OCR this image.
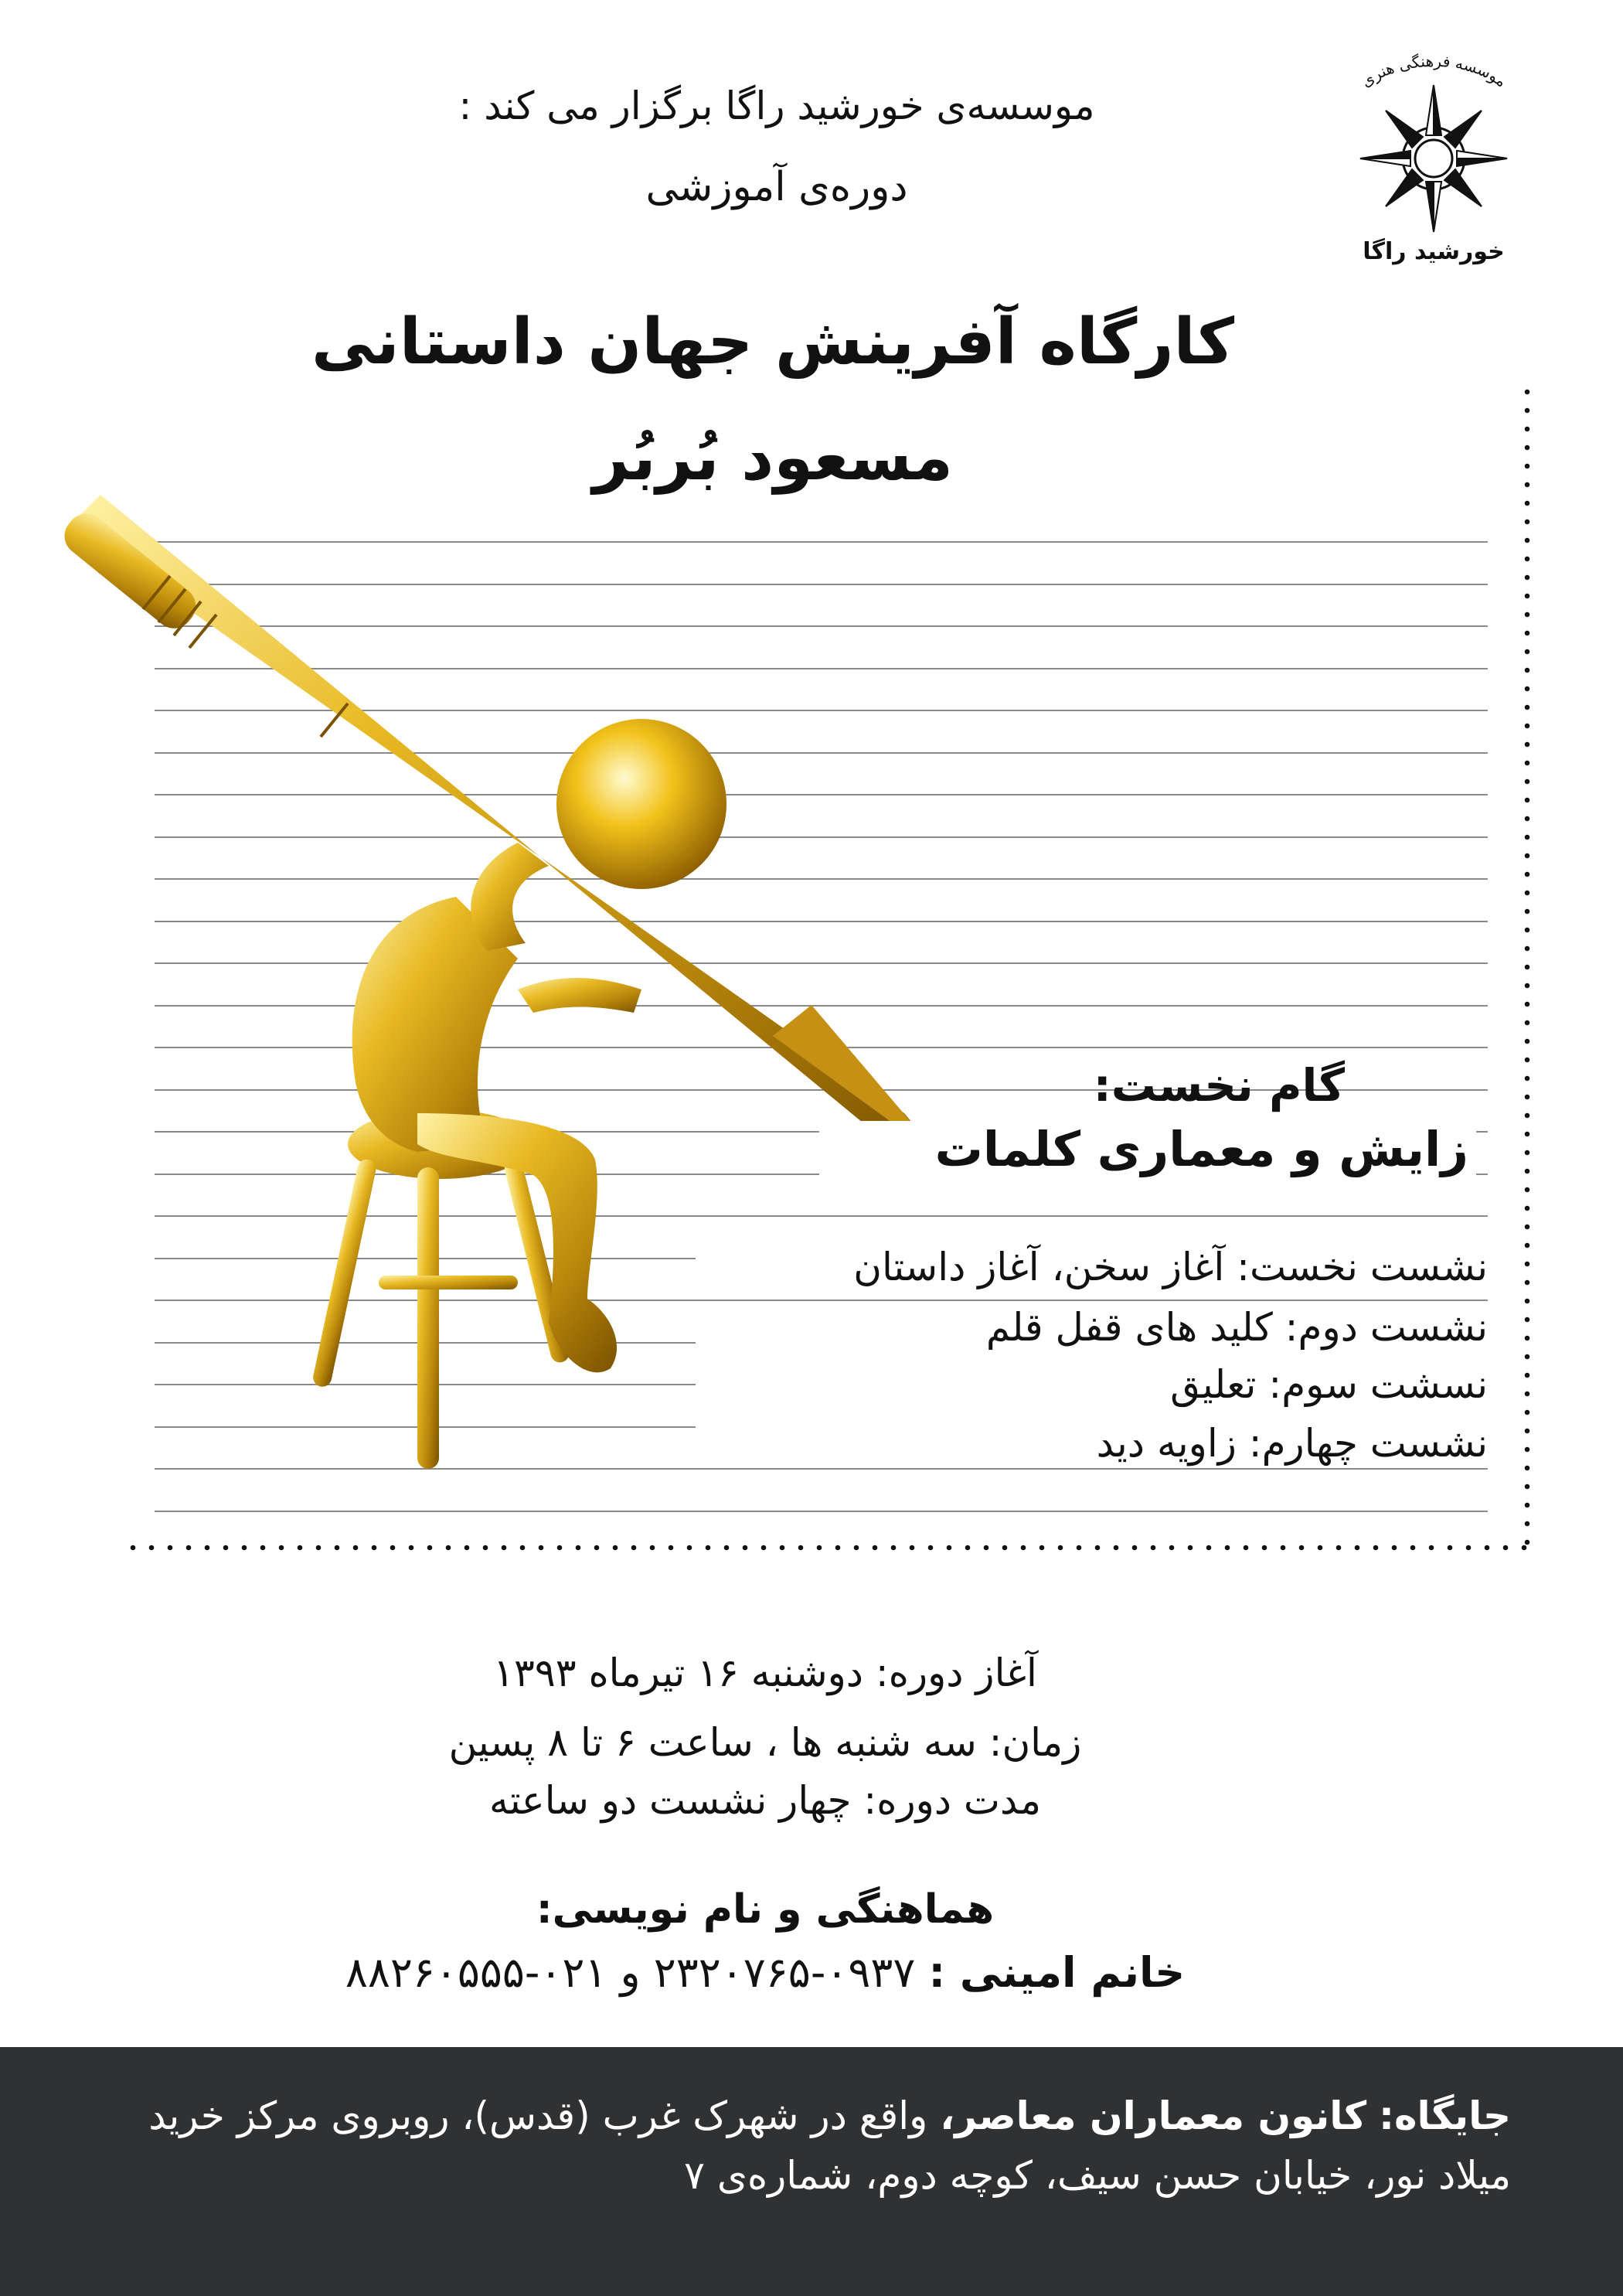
موسسه فرهنگی هنری
خورشید راگا
موسسه‌ی خورشید راگا برگزار می کند :
دوره‌ی آموزشی
کارگاه آفرینش جهان داستانی
مسعود بُربُر
گام نخست:
زایش و معماری کلمات
نشست نخست: آغاز سخن، آغاز داستان
نشست دوم: کلید های قفل قلم
نسشت سوم: تعلیق
نشست چهارم: زاویه دید
آغاز دوره: دوشنبه ۱۶ تیرماه ۱۳۹۳
زمان: سه شنبه ها ، ساعت ۶ تا ۸ پسین
مدت دوره: چهار نشست دو ساعته
هماهنگی و نام نویسی:
خانم امینی : ۰۹۳۷-۲۳۲۰۷۶۵ و ۰۲۱-۸۸۲۶۰۵۵۵
جایگاه: کانون معماران معاصر، واقع در شهرک غرب (قدس)، روبروی مرکز خرید
میلاد نور، خیابان حسن سیف، کوچه دوم، شماره‌ی ۷
